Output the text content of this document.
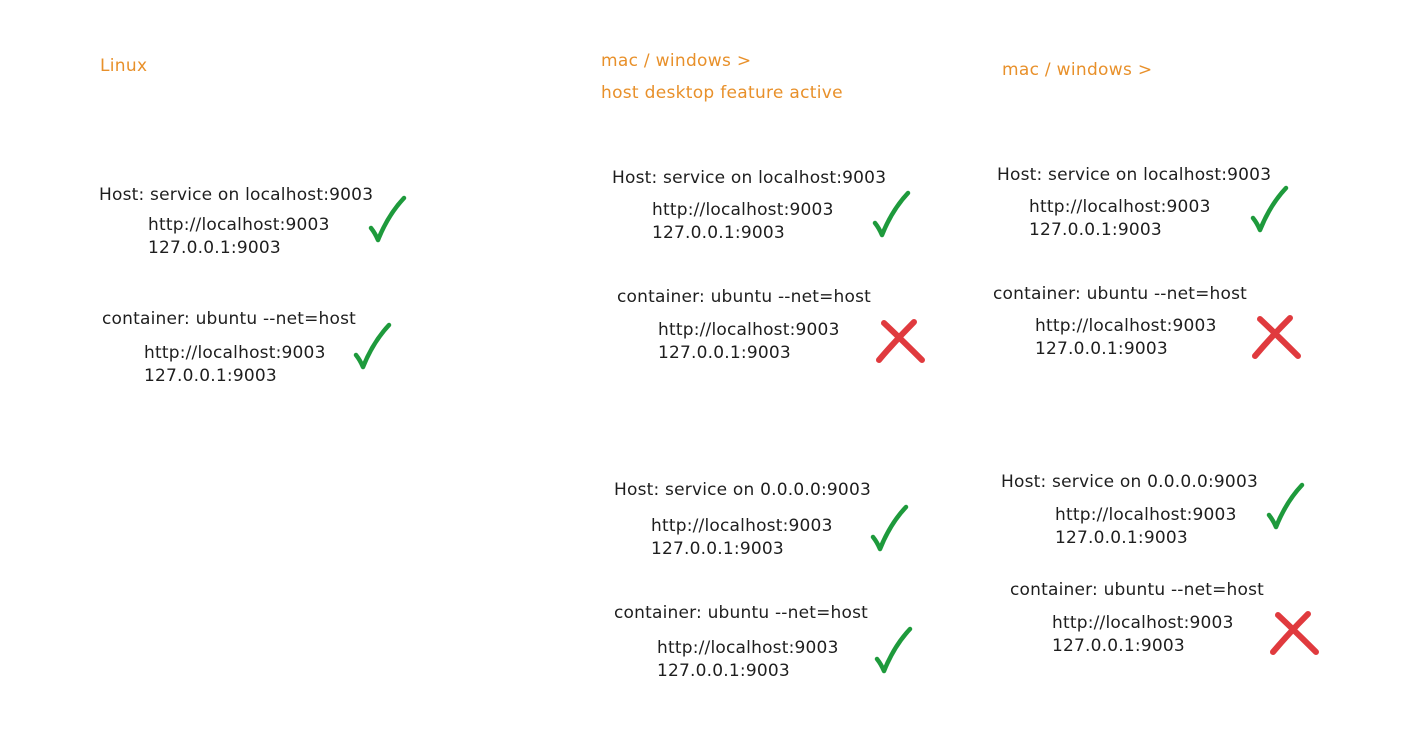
Linux	mac / windows >
host desktop feature active
mac / windows >
Host: service on localhost:9003
http://localhost:9003
127.0.0.1:9003
container: ubuntu --net=host
http://localhost:9003
127.0.0.1:9003
Host: service on localhost:9003
http://localhost:9003
127.0.0.1:9003
container: ubuntu --net=host
http://localhost:9003
127.0.0.1:9003
Host: service on 0.0.0.0:9003
http://localhost:9003
127.0.0.1:9003
container: ubuntu --net=host
http://localhost:9003
127.0.0.1:9003
Host: service on localhost:9003
http://localhost:9003
127.0.0.1:9003
container: ubuntu --net=host
http://localhost:9003
127.0.0.1:9003
Host: service on 0.0.0.0:9003
http://localhost:9003
127.0.0.1:9003
container: ubuntu --net=host
http://localhost:9003
127.0.0.1:9003
